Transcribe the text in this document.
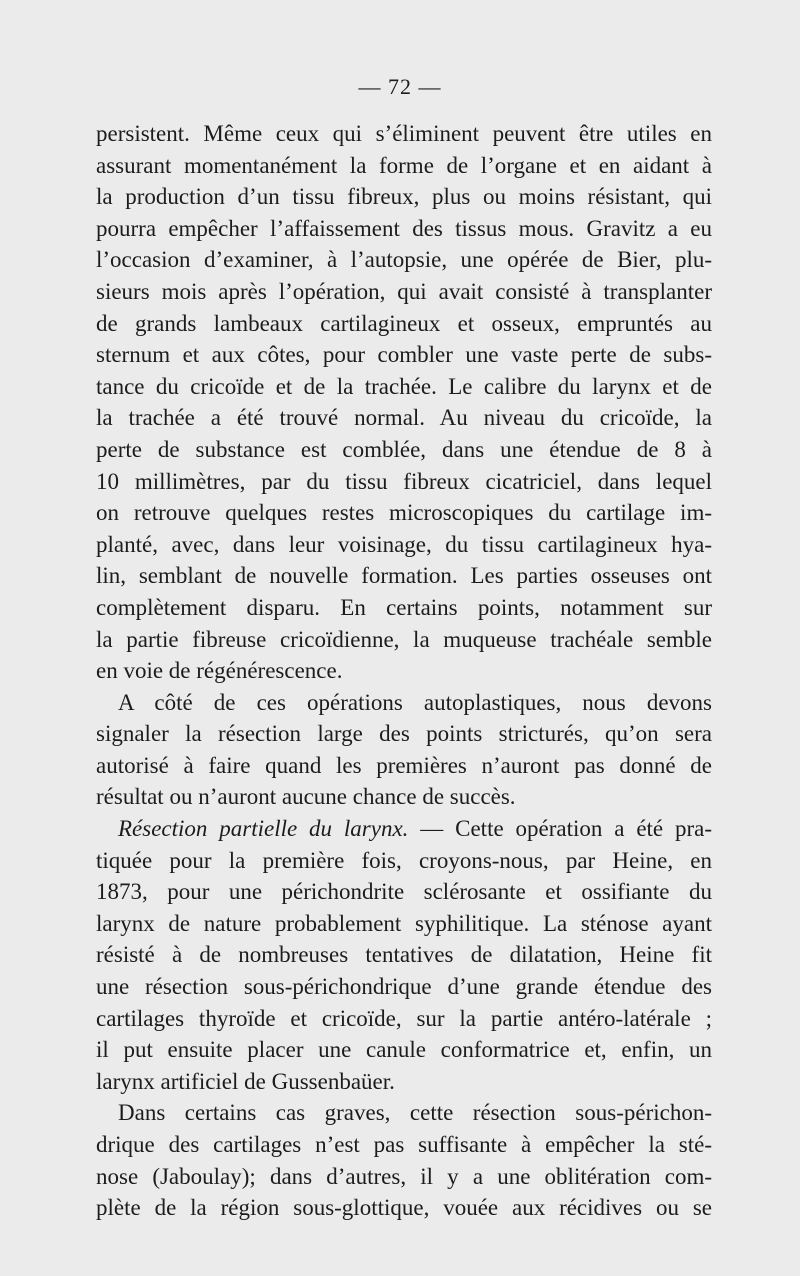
— 72 —
persistent. Même ceux qui s’éliminent peuvent être utiles en
assurant momentanément la forme de l’organe et en aidant à
la production d’un tissu fibreux, plus ou moins résistant, qui
pourra empêcher l’affaissement des tissus mous. Gravitz a eu
l’occasion d’examiner, à l’autopsie, une opérée de Bier, plu-
sieurs mois après l’opération, qui avait consisté à transplanter
de grands lambeaux cartilagineux et osseux, empruntés au
sternum et aux côtes, pour combler une vaste perte de subs-
tance du cricoïde et de la trachée. Le calibre du larynx et de
la trachée a été trouvé normal. Au niveau du cricoïde, la
perte de substance est comblée, dans une étendue de 8 à
10 millimètres, par du tissu fibreux cicatriciel, dans lequel
on retrouve quelques restes microscopiques du cartilage im-
planté, avec, dans leur voisinage, du tissu cartilagineux hya-
lin, semblant de nouvelle formation. Les parties osseuses ont
complètement disparu. En certains points, notamment sur
la partie fibreuse cricoïdienne, la muqueuse trachéale semble
en voie de régénérescence.
A côté de ces opérations autoplastiques, nous devons
signaler la résection large des points stricturés, qu’on sera
autorisé à faire quand les premières n’auront pas donné de
résultat ou n’auront aucune chance de succès.
Résection partielle du larynx. — Cette opération a été pra-
tiquée pour la première fois, croyons-nous, par Heine, en
1873, pour une périchondrite sclérosante et ossifiante du
larynx de nature probablement syphilitique. La sténose ayant
résisté à de nombreuses tentatives de dilatation, Heine fit
une résection sous-périchondrique d’une grande étendue des
cartilages thyroïde et cricoïde, sur la partie antéro-latérale ;
il put ensuite placer une canule conformatrice et, enfin, un
larynx artificiel de Gussenbaüer.
Dans certains cas graves, cette résection sous-périchon-
drique des cartilages n’est pas suffisante à empêcher la sté-
nose (Jaboulay); dans d’autres, il y a une oblitération com-
plète de la région sous-glottique, vouée aux récidives ou se
